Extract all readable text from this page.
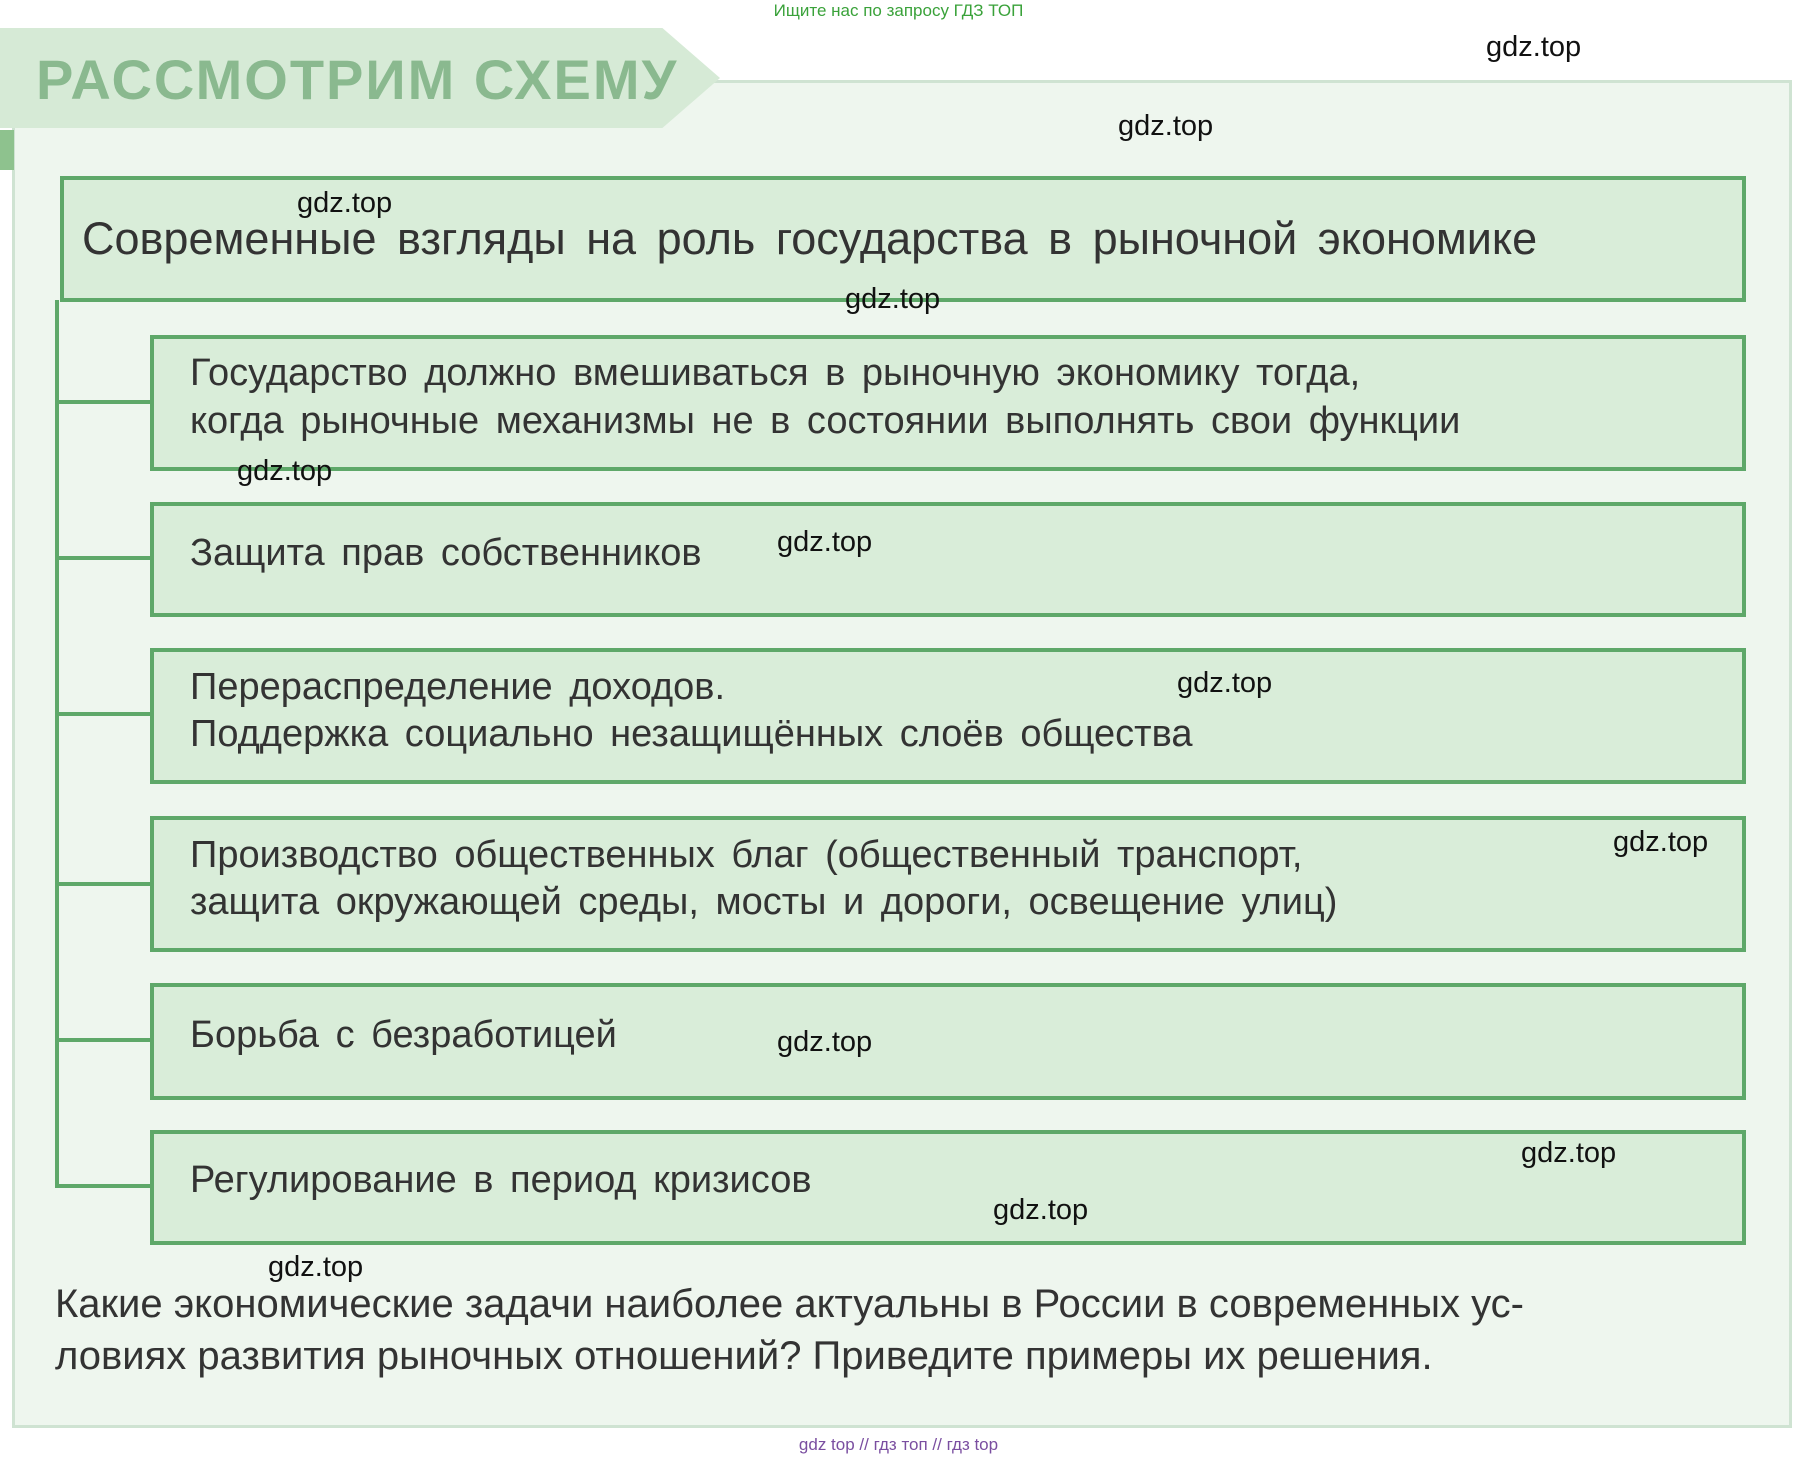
Ищите нас по запросу ГДЗ ТОП
РАССМОТРИМ СХЕМУ
Современные взгляды на роль государства в рыночной экономике
Государство должно вмешиваться в рыночную экономику тогда,
когда рыночные механизмы не в состоянии выполнять свои функции
Защита прав собственников
Перераспределение доходов.
Поддержка социально незащищённых слоёв общества
Производство общественных благ (общественный транспорт,
защита окружающей среды, мосты и дороги, освещение улиц)
Борьба с безработицей
Регулирование в период кризисов
Какие экономические задачи наиболее актуальны в России в современных ус-
ловиях развития рыночных отношений? Приведите примеры их решения.
gdz.top
gdz.top
gdz.top
gdz.top
gdz.top
gdz.top
gdz.top
gdz.top
gdz.top
gdz.top
gdz.top
gdz.top
gdz top // гдз топ // гдз top
